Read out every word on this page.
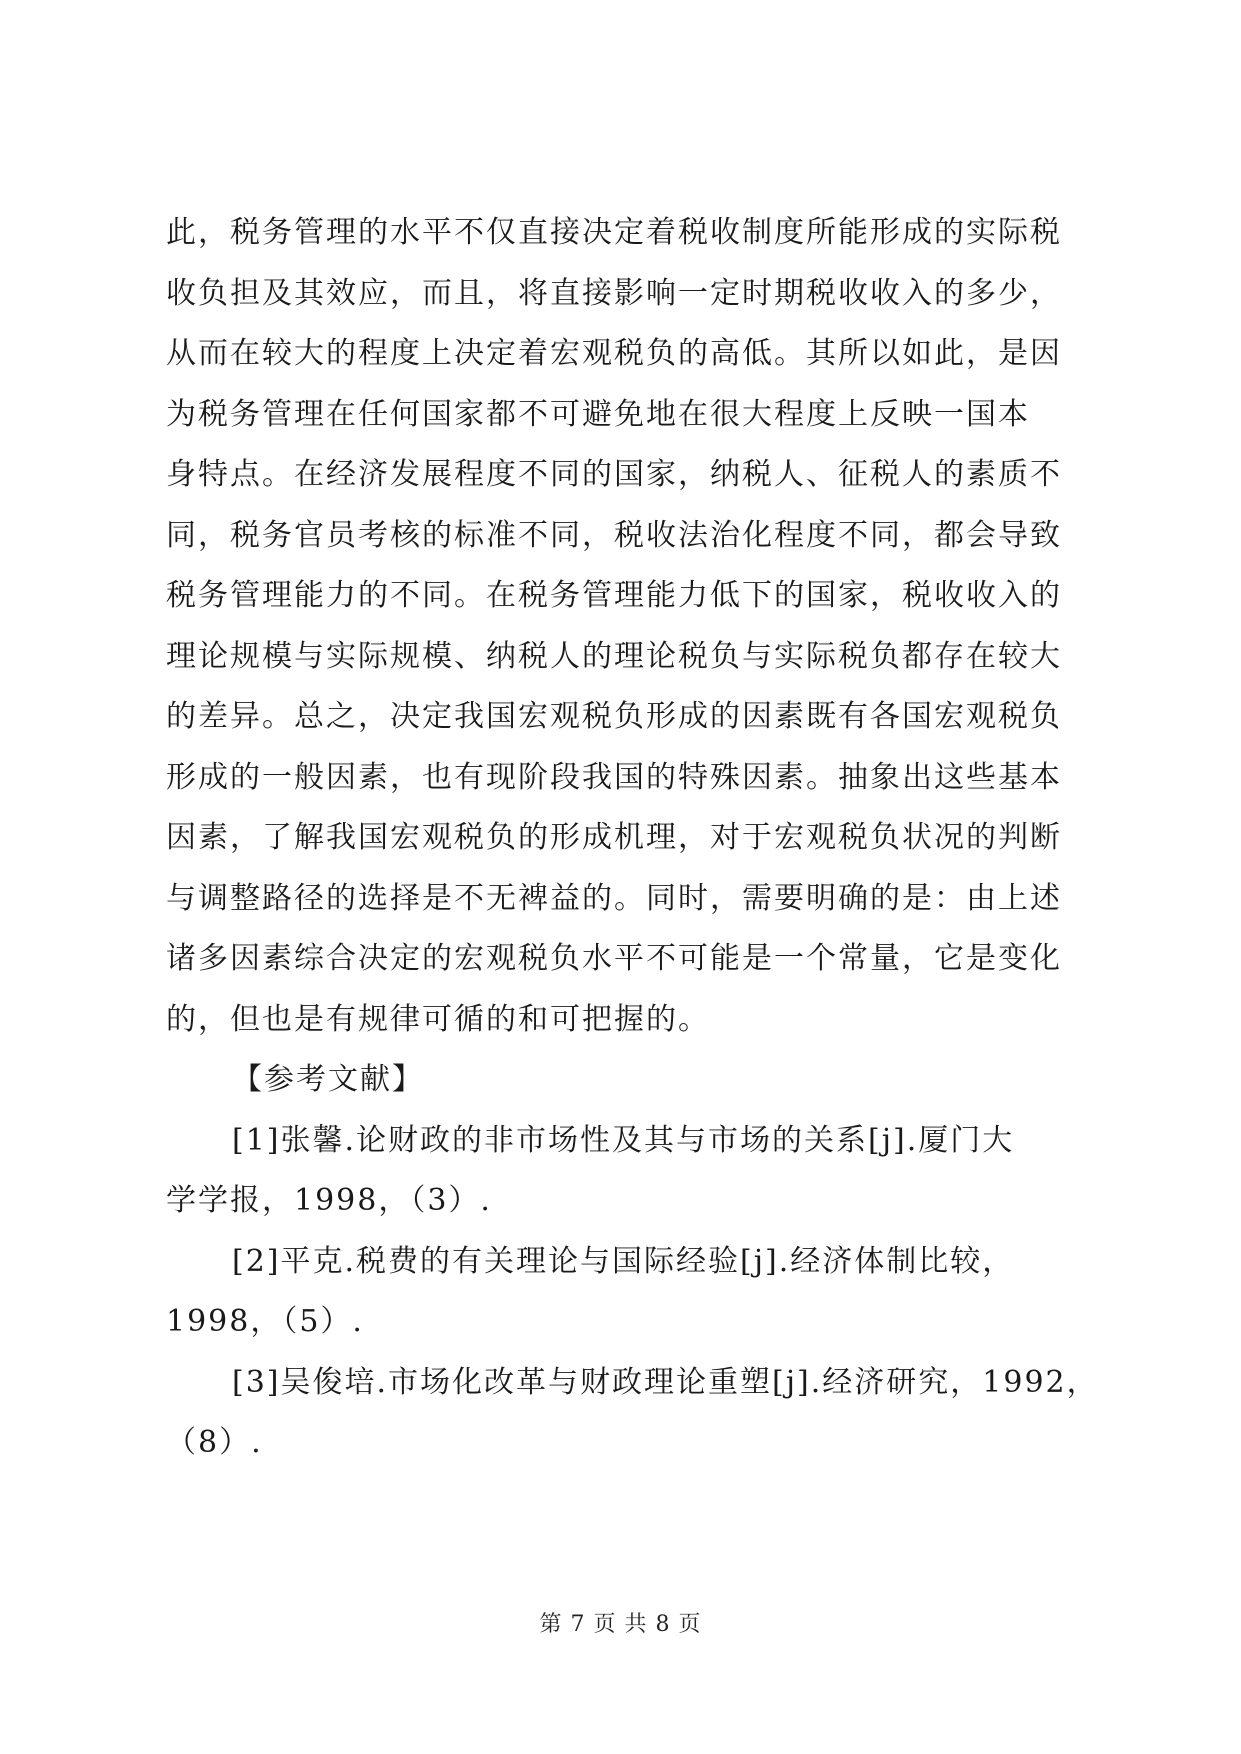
此，税务管理的水平不仅直接决定着税收制度所能形成的实际税
收负担及其效应，而且，将直接影响一定时期税收收入的多少，
从而在较大的程度上决定着宏观税负的高低。其所以如此，是因
为税务管理在任何国家都不可避免地在很大程度上反映一国本
身特点。在经济发展程度不同的国家，纳税人、征税人的素质不
同，税务官员考核的标准不同，税收法治化程度不同，都会导致
税务管理能力的不同。在税务管理能力低下的国家，税收收入的
理论规模与实际规模、纳税人的理论税负与实际税负都存在较大
的差异。总之，决定我国宏观税负形成的因素既有各国宏观税负
形成的一般因素，也有现阶段我国的特殊因素。抽象出这些基本
因素，了解我国宏观税负的形成机理，对于宏观税负状况的判断
与调整路径的选择是不无裨益的。同时，需要明确的是：由上述
诸多因素综合决定的宏观税负水平不可能是一个常量，它是变化
的，但也是有规律可循的和可把握的。
【参考文献】
[1]张馨.论财政的非市场性及其与市场的关系[j].厦门大
学学报，1998，（3）.
[2]平克.税费的有关理论与国际经验[j].经济体制比较，
1998，（5）.
[3]吴俊培.市场化改革与财政理论重塑[j].经济研究，1992，
（8）.
第 7 页 共 8 页
